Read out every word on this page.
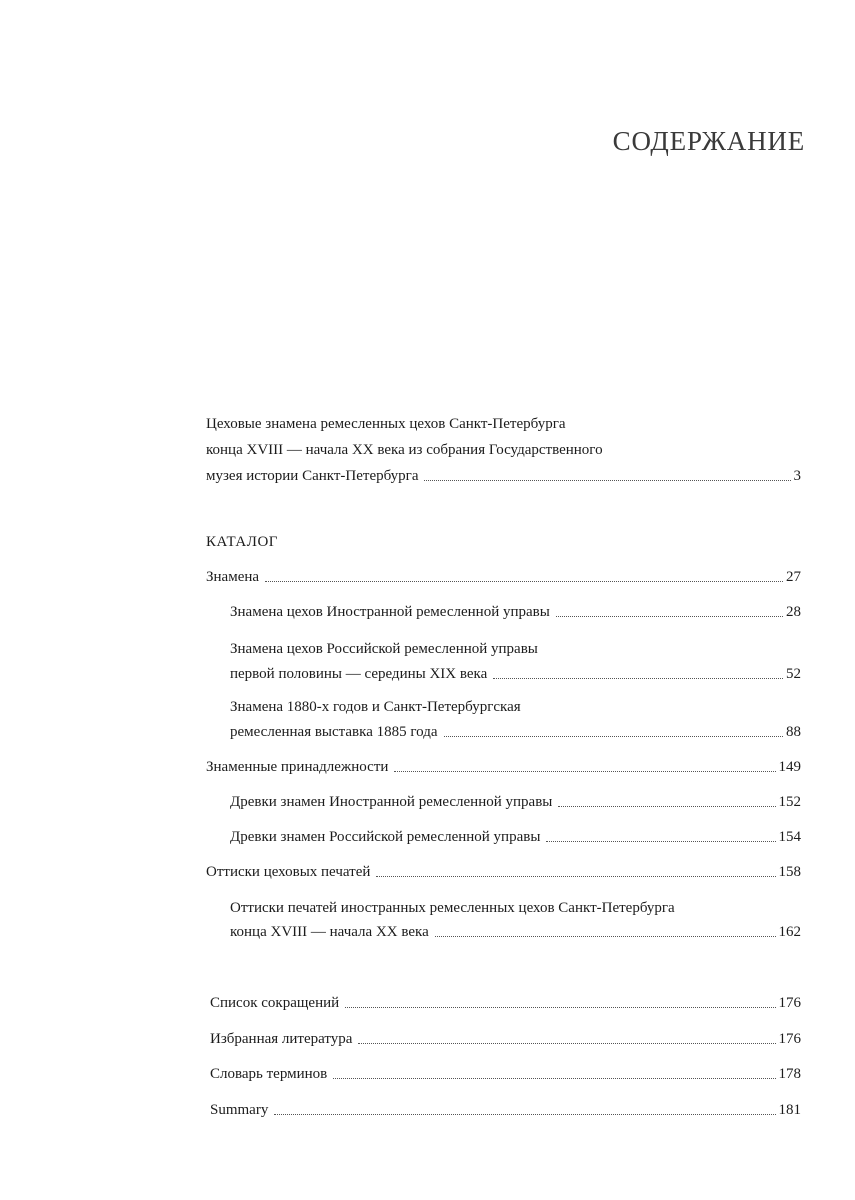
СОДЕРЖАНИЕ
Цеховые знамена ремесленных цехов Санкт-Петербурга
конца XVIII — начала XX века из собрания Государственного
музея истории Санкт-Петербурга	3
КАТАЛОГ
Знамена	27
Знамена цехов Иностранной ремесленной управы	28
Знамена цехов Российской ремесленной управы
первой половины — середины XIX века	52
Знамена 1880-х годов и Санкт-Петербургская
ремесленная выставка 1885 года	88
Знаменные принадлежности	149
Древки знамен Иностранной ремесленной управы	152
Древки знамен Российской ремесленной управы	154
Оттиски цеховых печатей	158
Оттиски печатей иностранных ремесленных цехов Санкт-Петербурга
конца XVIII — начала XX века	162
Список сокращений	176
Избранная литература	176
Словарь терминов	178
Summary	181
